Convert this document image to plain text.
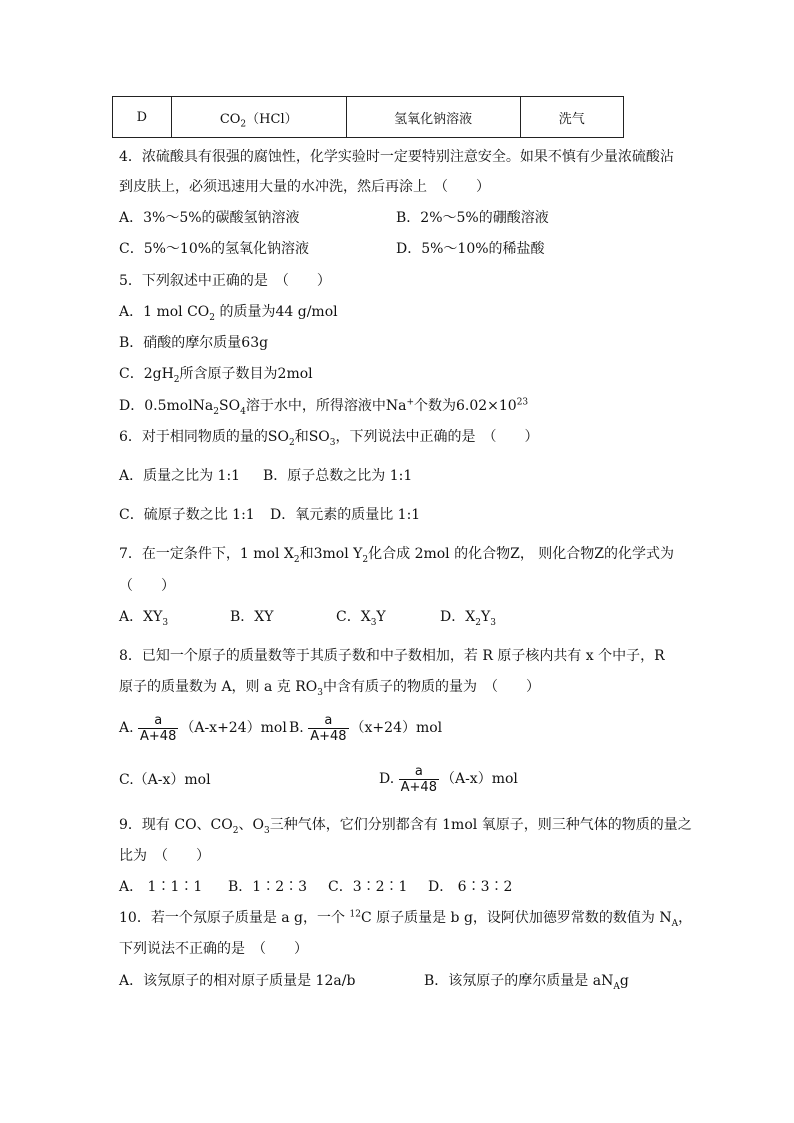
D	$CO_2(HCl)$	氢氧化钠溶液	洗气
4．浓硫酸具有很强的腐蚀性，化学实验时一定要特别注意安全。如果不慎有少量浓硫酸沾
到皮肤上，必须迅速用大量的水冲洗，然后再涂上　（　　）
A．3%～5%的碳酸氢钠溶液	B．2%～5%的硼酸溶液
C．5%～10%的氢氧化钠溶液	D．5%～10%的稀盐酸
5．下列叙述中正确的是　（　　）
A．1 mol $CO_2$ 的质量为44 g/mol
B．硝酸的摩尔质量63g
C．$2gH_2$所含原子数目为2mol
D．$0.5molNa_2SO_4$溶于水中，所得溶液中Na+个数为$6.02\times 10^{23}$
6．对于相同物质的量的$SO_2$和$SO_3$，下列说法中正确的是　（　　）
A．质量之比为 1:1 B．原子总数之比为 1:1
C．硫原子数之比 1:1 D．氧元素的质量比 1:1
7．在一定条件下，1 mol $X_2$和3mol $Y_2$化合成 2mol 的化合物Z， 则化合物Z的化学式为
（　　）
A．$XY_3$	B．XY	C．$X_3Y$	D．$X_2Y_3$
8．已知一个原子的质量数等于其质子数和中子数相加，若 R 原子核内共有 x 个中子，R
原子的质量数为 A，则 a 克 $RO_3$中含有质子的物质的量为　（　　）
A. $\frac{a}{A+48} (A-x+24)mol$ B. $\frac{a}{A+48} (x+24)mol$
C.（A-x）mol	D. $\frac{a}{A+48} (A-x)mol$
9．现有 CO、$CO_2$、$O_3$三种气体，它们分别都含有 1mol 氧原子，则三种气体的物质的量之
比为　（　　）
A． 1∶1∶1 B．1∶2∶3 C．3∶2∶1 D． 6∶3∶2
10．若一个氖原子质量是 a g，一个 $^{12}$C 原子质量是 b g，设阿伏加德罗常数的数值为 $N_A$，
下列说法不正确的是　（　　）
A．该氖原子的相对原子质量是 12a/b	B．该氖原子的摩尔质量是 $aN_Ag$
